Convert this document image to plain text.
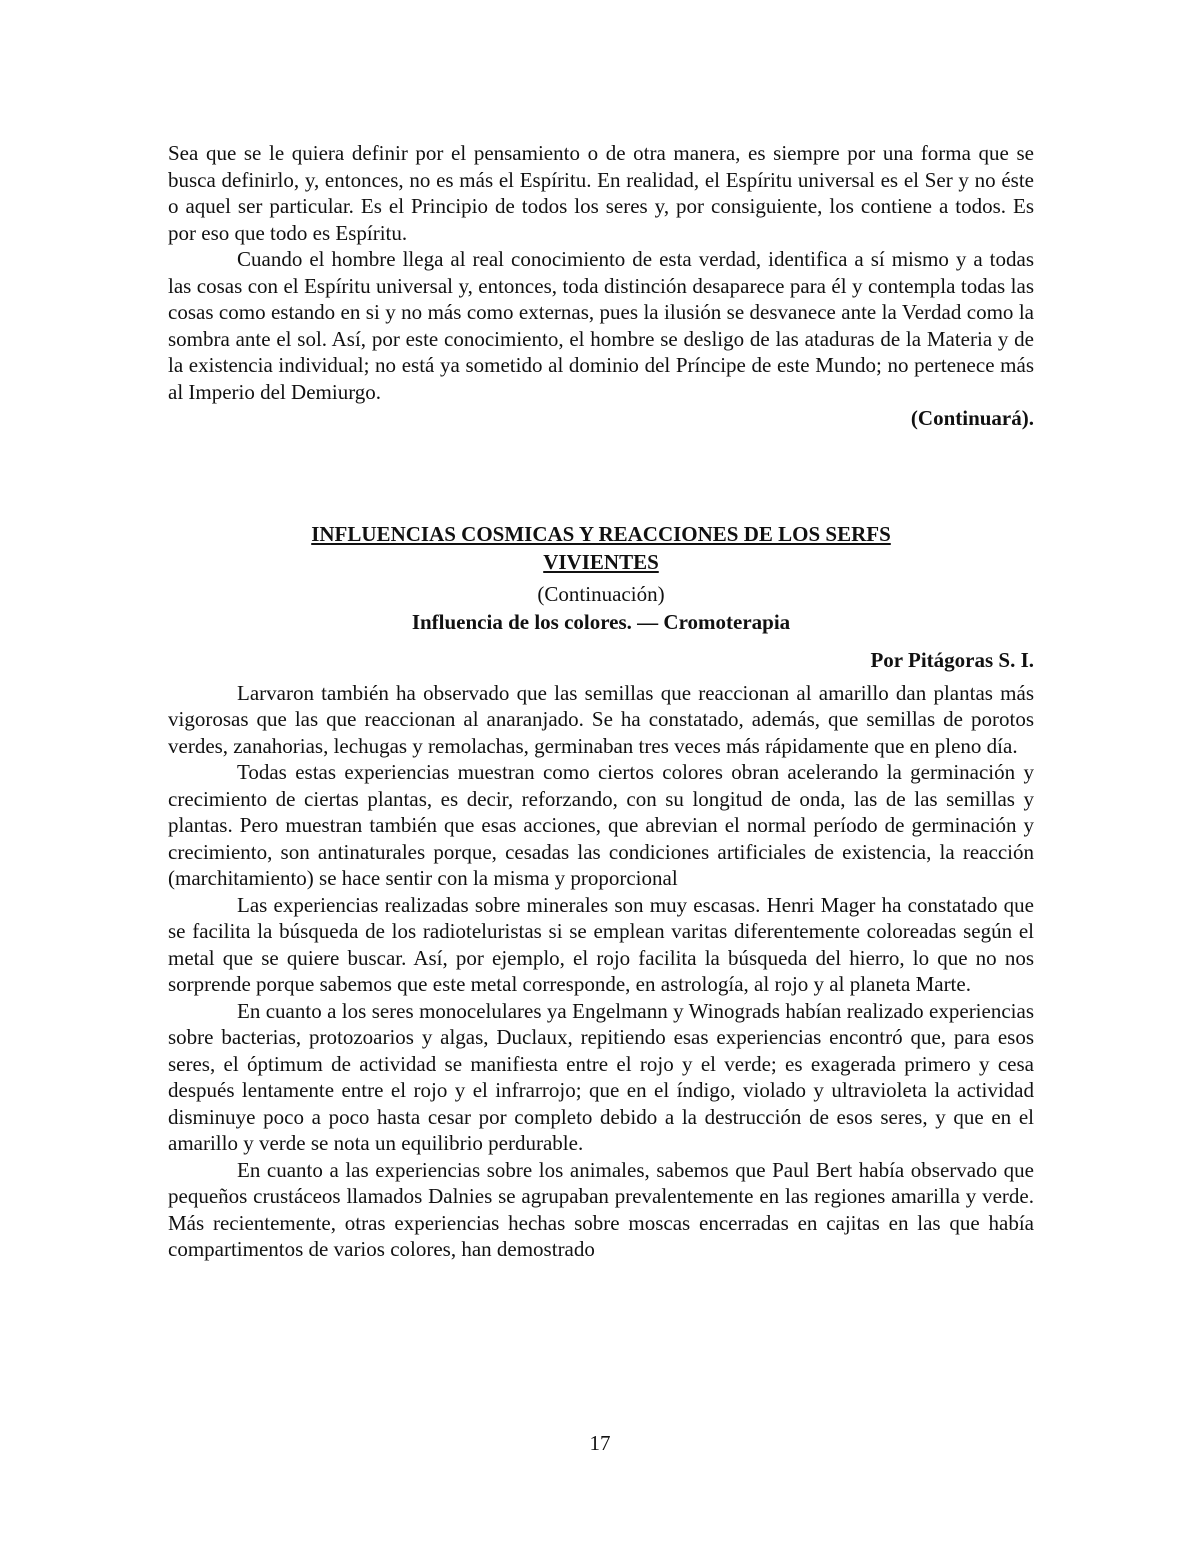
Sea que se le quiera definir por el pensamiento o de otra manera, es siempre por una forma que se busca definirlo, y, entonces, no es más el Espíritu. En realidad, el Espíritu universal es el Ser y no éste o aquel ser particular. Es el Principio de todos los seres y, por consiguiente, los contiene a todos. Es por eso que todo es Espíritu.

Cuando el hombre llega al real conocimiento de esta verdad, identifica a sí mismo y a todas las cosas con el Espíritu universal y, entonces, toda distinción desaparece para él y contempla todas las cosas como estando en si y no más como externas, pues la ilusión se desvanece ante la Verdad como la sombra ante el sol. Así, por este conocimiento, el hombre se desligo de las ataduras de la Materia y de la existencia individual; no está ya sometido al dominio del Príncipe de este Mundo; no pertenece más al Imperio del Demiurgo.

(Continuará).
INFLUENCIAS COSMICAS Y REACCIONES DE LOS SERFS VIVIENTES
(Continuación)
Influencia de los colores. — Cromoterapia
Por Pitágoras S. I.

Larvaron también ha observado que las semillas que reaccionan al amarillo dan plantas más vigorosas que las que reaccionan al anaranjado. Se ha constatado, además, que semillas de porotos verdes, zanahorias, lechugas y remolachas, germinaban tres veces más rápidamente que en pleno día.

Todas estas experiencias muestran como ciertos colores obran acelerando la germinación y crecimiento de ciertas plantas, es decir, reforzando, con su longitud de onda, las de las semillas y plantas. Pero muestran también que esas acciones, que abrevian el normal período de germinación y crecimiento, son antinaturales porque, cesadas las condiciones artificiales de existencia, la reacción (marchitamiento) se hace sentir con la misma y proporcional

Las experiencias realizadas sobre minerales son muy escasas. Henri Mager ha constatado que se facilita la búsqueda de los radioteluristas si se emplean varitas diferentemente coloreadas según el metal que se quiere buscar. Así, por ejemplo, el rojo facilita la búsqueda del hierro, lo que no nos sorprende porque sabemos que este metal corresponde, en astrología, al rojo y al planeta Marte.

En cuanto a los seres monocelulares ya Engelmann y Winograds habían realizado experiencias sobre bacterias, protozoarios y algas, Duclaux, repitiendo esas experiencias encontró que, para esos seres, el óptimum de actividad se manifiesta entre el rojo y el verde; es exagerada primero y cesa después lentamente entre el rojo y el infrarrojo; que en el índigo, violado y ultravioleta la actividad disminuye poco a poco hasta cesar por completo debido a la destrucción de esos seres, y que en el amarillo y verde se nota un equilibrio perdurable.

En cuanto a las experiencias sobre los animales, sabemos que Paul Bert había observado que pequeños crustáceos llamados Dalnies se agrupaban prevalentemente en las regiones amarilla y verde. Más recientemente, otras experiencias hechas sobre moscas encerradas en cajitas en las que había compartimentos de varios colores, han demostrado

17
